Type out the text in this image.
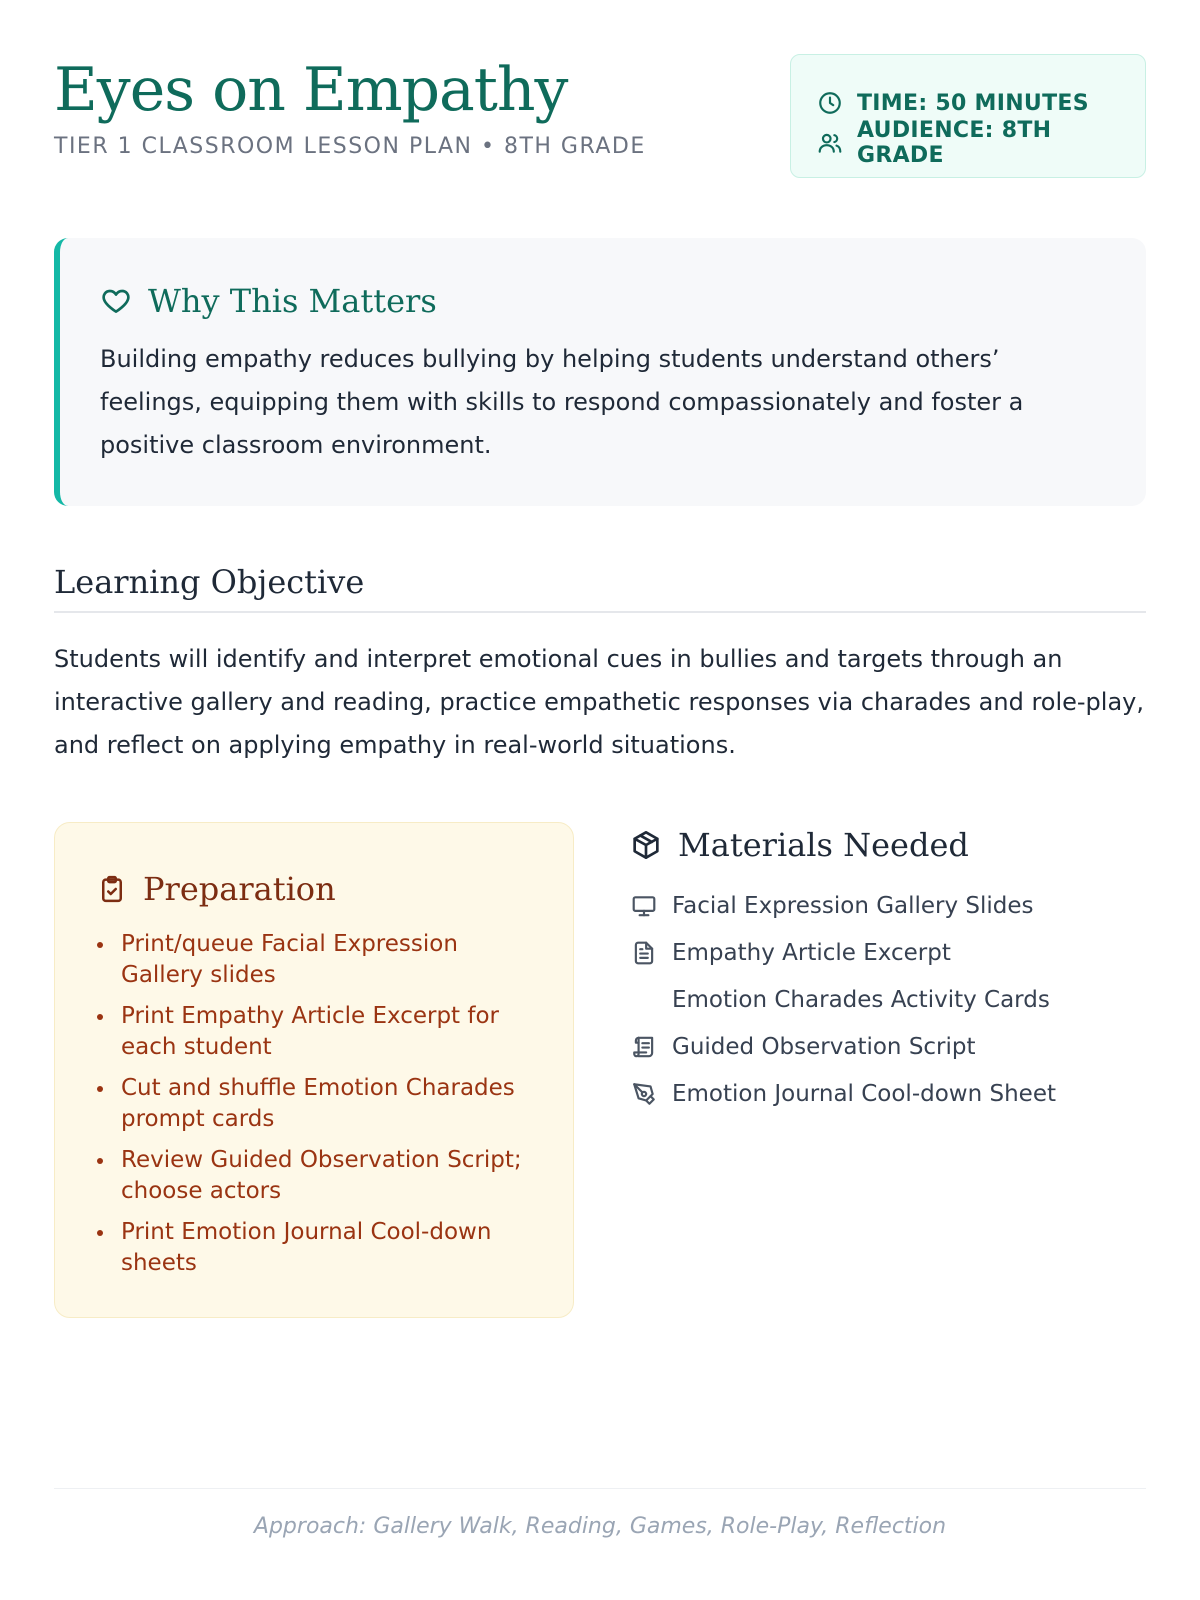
Eyes on Empathy
TIER 1 CLASSROOM LESSON PLAN • 8TH GRADE
TIME: 50 MINUTES
AUDIENCE: 8TH GRADE
Why This Matters
Building empathy reduces bullying by helping students understand others’ feelings, equipping them with skills to respond compassionately and foster a positive classroom environment.
Learning Objective
Students will identify and interpret emotional cues in bullies and targets through an interactive gallery and reading, practice empathetic responses via charades and role-play, and reflect on applying empathy in real-world situations.
Preparation
Print/queue Facial Expression Gallery slides
Print Empathy Article Excerpt for each student
Cut and shuffle Emotion Charades prompt cards
Review Guided Observation Script; choose actors
Print Emotion Journal Cool-down sheets
Materials Needed
Facial Expression Gallery Slides
Empathy Article Excerpt
Emotion Charades Activity Cards
Guided Observation Script
Emotion Journal Cool-down Sheet
Approach: Gallery Walk, Reading, Games, Role-Play, Reflection
